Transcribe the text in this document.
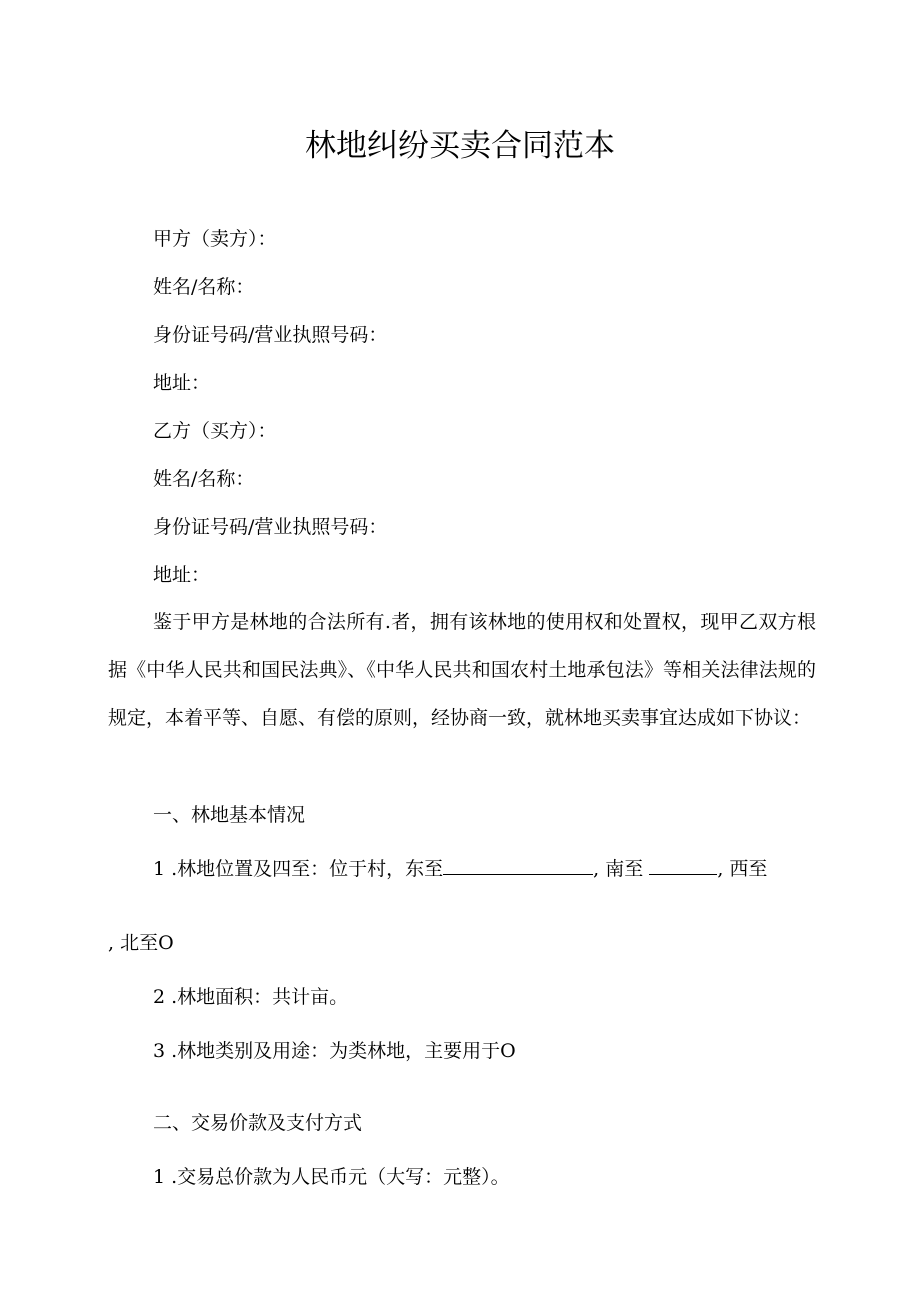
林地纠纷买卖合同范本
甲方（卖方）：
姓名/名称：
身份证号码/营业执照号码：
地址：
乙方（买方）：
姓名/名称：
身份证号码/营业执照号码：
地址：
鉴于甲方是林地的合法所有.者，拥有该林地的使用权和处置权，现甲乙双方根据《中华人民共和国民法典》、《中华人民共和国农村土地承包法》等相关法律法规的规定，本着平等、自愿、有偿的原则，经协商一致，就林地买卖事宜达成如下协议：
一、林地基本情况
1 .林地位置及四至：位于村，东至	, 南至	, 西至
, 北至O
2 .林地面积：共计亩。
3 .林地类别及用途：为类林地，主要用于O
二、交易价款及支付方式
1 .交易总价款为人民币元（大写：元整）。
